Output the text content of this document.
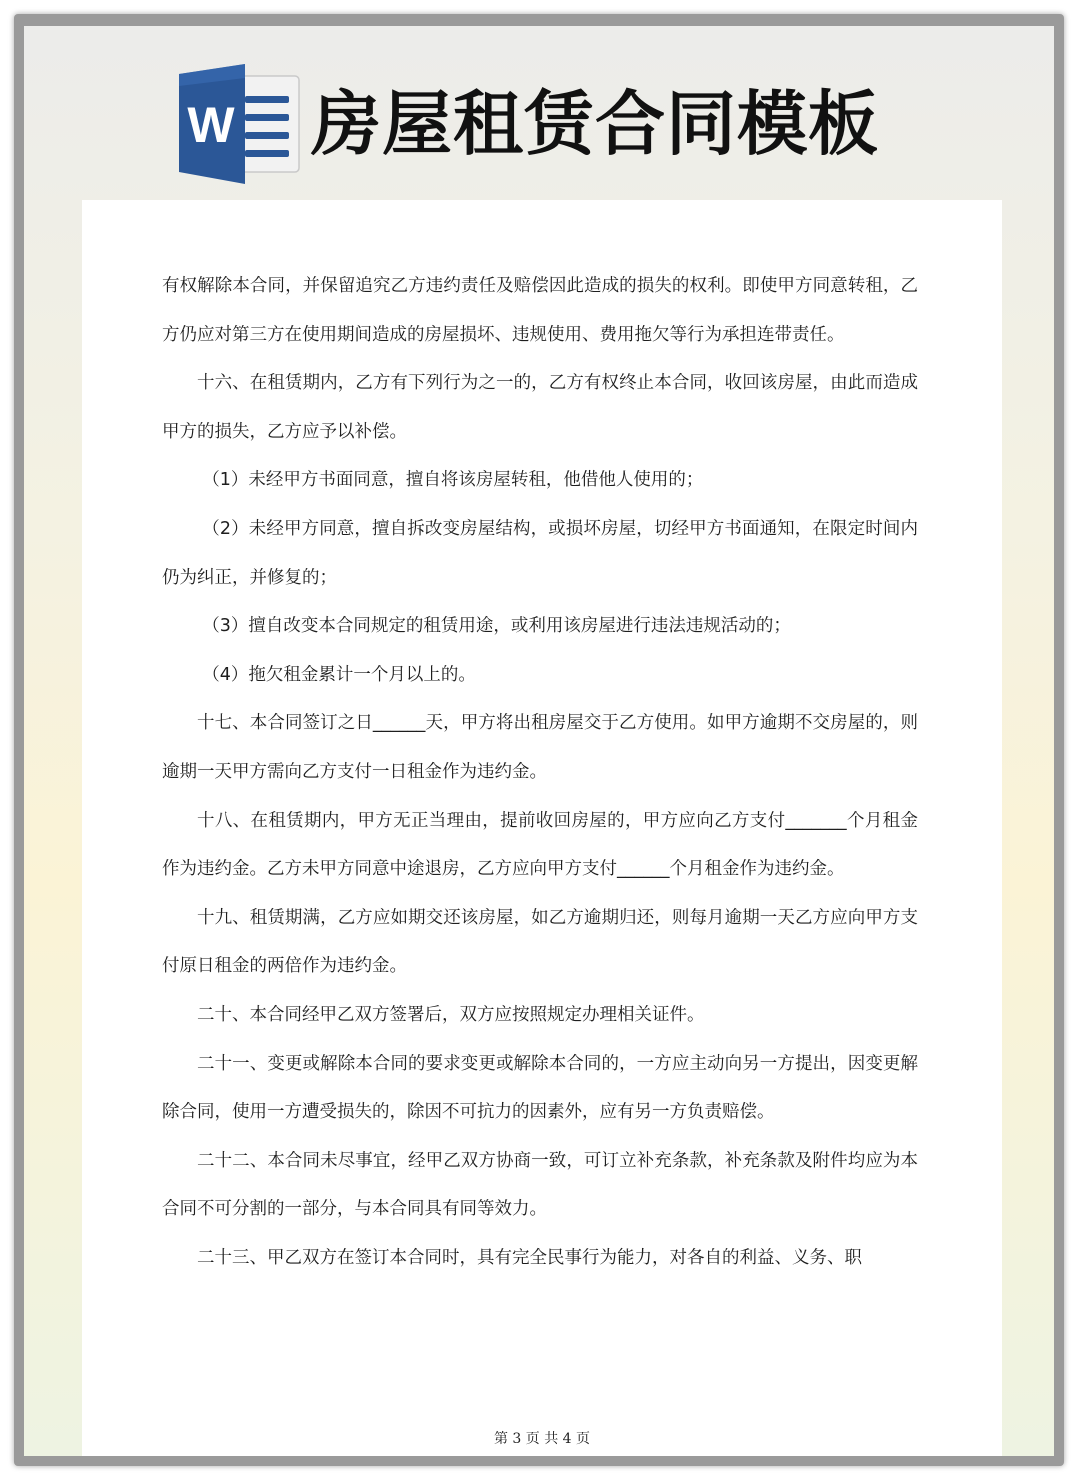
W 房屋租赁合同模板

有权解除本合同，并保留追究乙方违约责任及赔偿因此造成的损失的权利。即使甲方同意转租，乙方仍应对第三方在使用期间造成的房屋损坏、违规使用、费用拖欠等行为承担连带责任。

十六、在租赁期内，乙方有下列行为之一的，乙方有权终止本合同，收回该房屋，由此而造成甲方的损失，乙方应予以补偿。

（1）未经甲方书面同意，擅自将该房屋转租，他借他人使用的；

（2）未经甲方同意，擅自拆改变房屋结构，或损坏房屋，切经甲方书面通知，在限定时间内仍为纠正，并修复的；

（3）擅自改变本合同规定的租赁用途，或利用该房屋进行违法违规活动的；

（4）拖欠租金累计一个月以上的。

十七、本合同签订之日______天，甲方将出租房屋交于乙方使用。如甲方逾期不交房屋的，则逾期一天甲方需向乙方支付一日租金作为违约金。

十八、在租赁期内，甲方无正当理由，提前收回房屋的，甲方应向乙方支付_______个月租金作为违约金。乙方未甲方同意中途退房，乙方应向甲方支付______个月租金作为违约金。

十九、租赁期满，乙方应如期交还该房屋，如乙方逾期归还，则每月逾期一天乙方应向甲方支付原日租金的两倍作为违约金。

二十、本合同经甲乙双方签署后，双方应按照规定办理相关证件。

二十一、变更或解除本合同的要求变更或解除本合同的，一方应主动向另一方提出，因变更解除合同，使用一方遭受损失的，除因不可抗力的因素外，应有另一方负责赔偿。

二十二、本合同未尽事宜，经甲乙双方协商一致，可订立补充条款，补充条款及附件均应为本合同不可分割的一部分，与本合同具有同等效力。

二十三、甲乙双方在签订本合同时，具有完全民事行为能力，对各自的利益、义务、职

第 3 页 共 4 页
